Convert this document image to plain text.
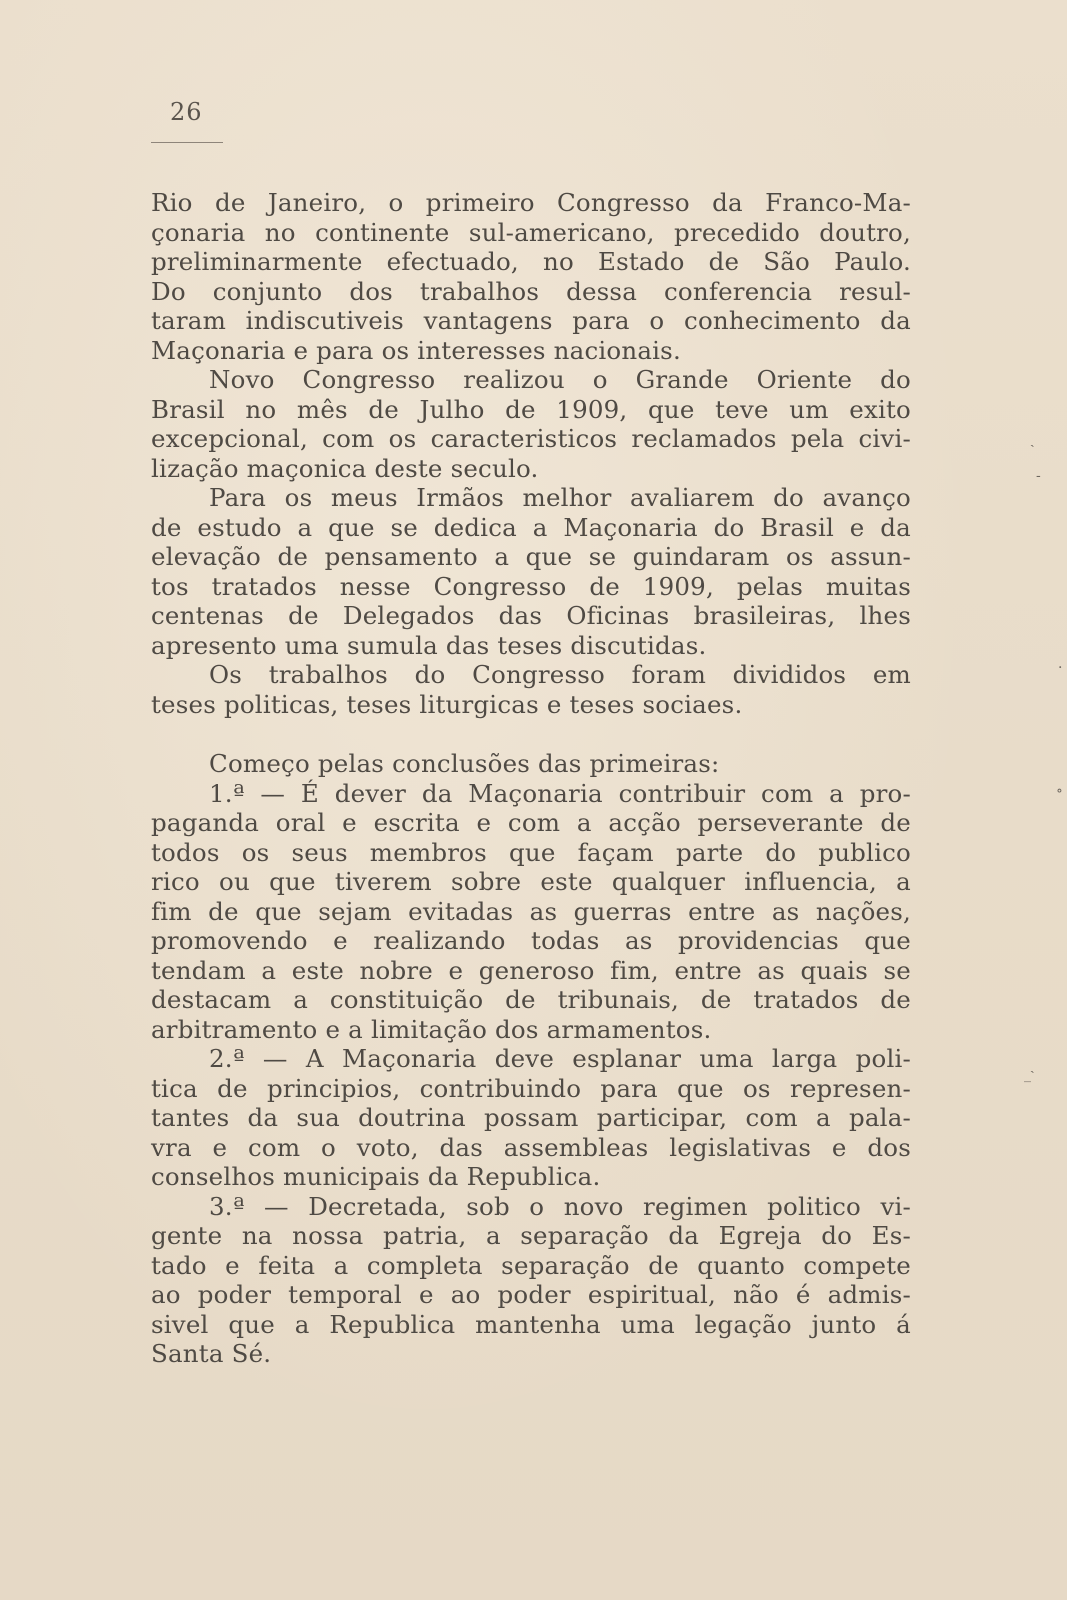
26
Rio de Janeiro, o primeiro Congresso da Franco-Ma-
çonaria no continente sul-americano, precedido doutro,
preliminarmente efectuado, no Estado de São Paulo.
Do conjunto dos trabalhos dessa conferencia resul-
taram indiscutiveis vantagens para o conhecimento da
Maçonaria e para os interesses nacionais.
Novo Congresso realizou o Grande Oriente do
Brasil no mês de Julho de 1909, que teve um exito
excepcional, com os caracteristicos reclamados pela civi-
lização maçonica deste seculo.
Para os meus Irmãos melhor avaliarem do avanço
de estudo a que se dedica a Maçonaria do Brasil e da
elevação de pensamento a que se guindaram os assun-
tos tratados nesse Congresso de 1909, pelas muitas
centenas de Delegados das Oficinas brasileiras, lhes
apresento uma sumula das teses discutidas.
Os trabalhos do Congresso foram divididos em
teses politicas, teses liturgicas e teses sociaes.
Começo pelas conclusões das primeiras:
1.ª — É dever da Maçonaria contribuir com a pro-
paganda oral e escrita e com a acção perseverante de
todos os seus membros que façam parte do publico
rico ou que tiverem sobre este qualquer influencia, a
fim de que sejam evitadas as guerras entre as nações,
promovendo e realizando todas as providencias que
tendam a este nobre e generoso fim, entre as quais se
destacam a constituição de tribunais, de tratados de
arbitramento e a limitação dos armamentos.
2.ª — A Maçonaria deve esplanar uma larga poli-
tica de principios, contribuindo para que os represen-
tantes da sua doutrina possam participar, com a pala-
vra e com o voto, das assembleas legislativas e dos
conselhos municipais da Republica.
3.ª — Decretada, sob o novo regimen politico vi-
gente na nossa patria, a separação da Egreja do Es-
tado e feita a completa separação de quanto compete
ao poder temporal e ao poder espiritual, não é admis-
sivel que a Republica mantenha uma legação junto á
Santa Sé.
ˎ
‐
·
∘
ˎ
‾
